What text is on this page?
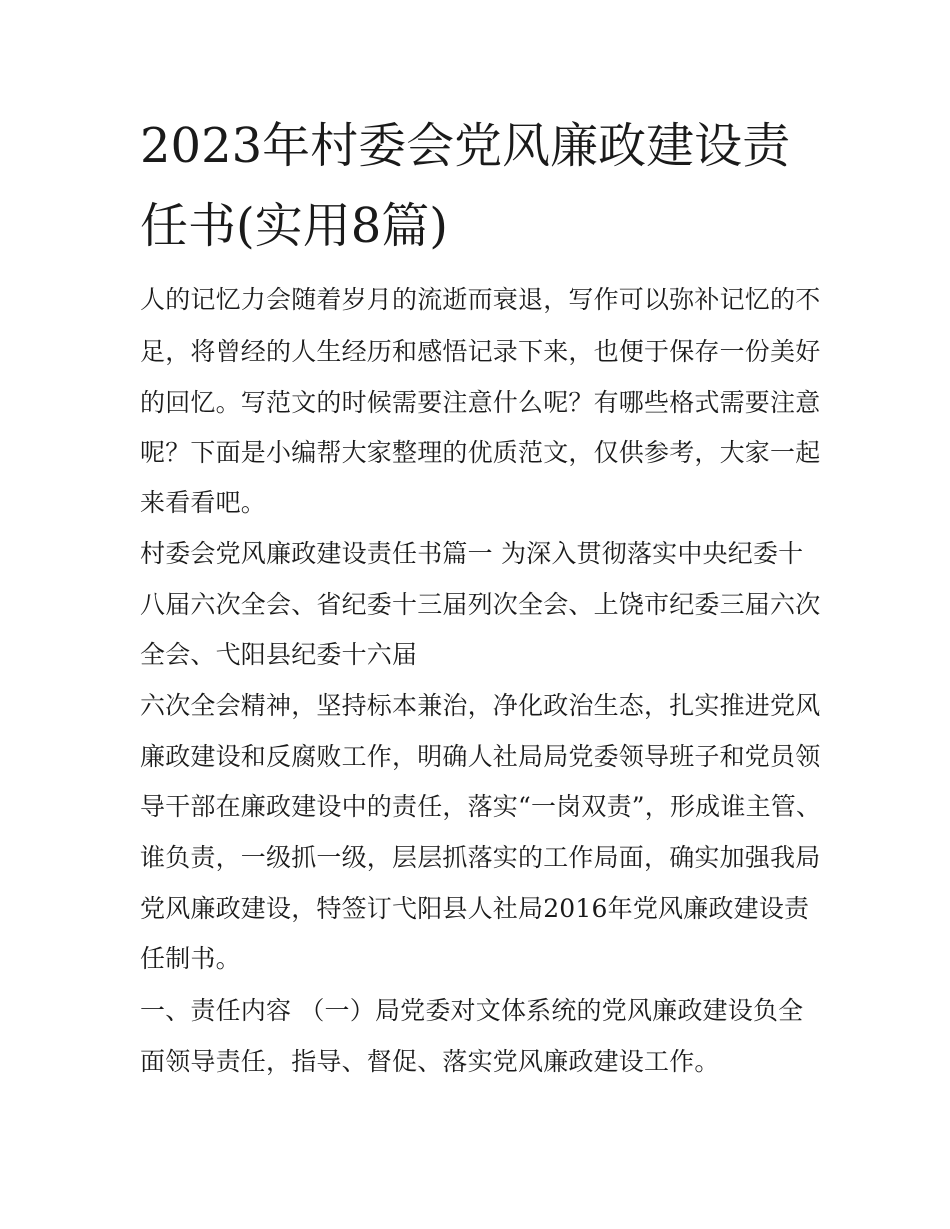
2023年村委会党风廉政建设责
任书(实用8篇)

人的记忆力会随着岁月的流逝而衰退，写作可以弥补记忆的不

足，将曾经的人生经历和感悟记录下来，也便于保存一份美好

的回忆。写范文的时候需要注意什么呢？有哪些格式需要注意

呢？下面是小编帮大家整理的优质范文，仅供参考，大家一起

来看看吧。

村委会党风廉政建设责任书篇一 为深入贯彻落实中央纪委十

八届六次全会、省纪委十三届列次全会、上饶市纪委三届六次

全会、弋阳县纪委十六届

六次全会精神，坚持标本兼治，净化政治生态，扎实推进党风

廉政建设和反腐败工作，明确人社局局党委领导班子和党员领

导干部在廉政建设中的责任，落实“一岗双责”，形成谁主管、

谁负责，一级抓一级，层层抓落实的工作局面，确实加强我局

党风廉政建设，特签订弋阳县人社局2016年党风廉政建设责

任制书。

一、责任内容 （一）局党委对文体系统的党风廉政建设负全

面领导责任，指导、督促、落实党风廉政建设工作。
